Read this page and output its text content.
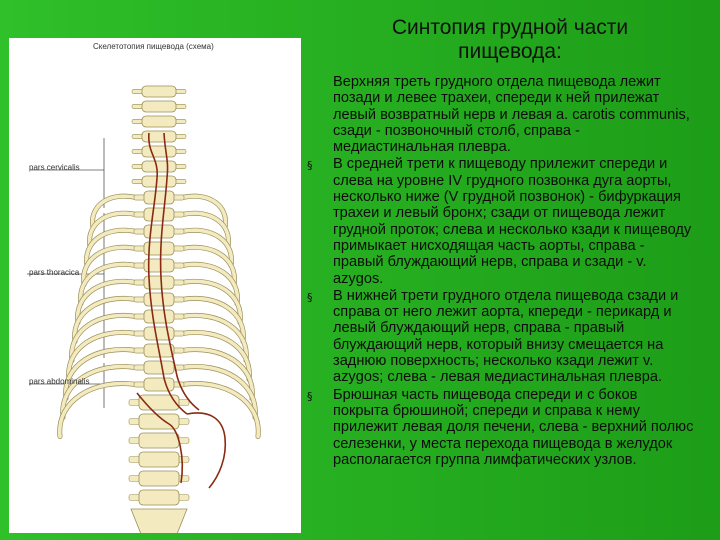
Синтопия грудной части пищевода:
Скелетотопия пищевода (схема)
pars cervicalis
pars thoracica
pars abdominalis
Верхняя треть грудного отдела пищевода лежит позади и левее трахеи, спереди к ней прилежат левый возвратный нерв и левая a. carotis communis, сзади - позвоночный столб, справа - медиастинальная плевра.
§	В средней трети к пищеводу прилежит спереди и слева на уровне IV грудного позвонка дуга аорты, несколько ниже (V грудной позвонок) - бифуркация трахеи и левый бронх; сзади от пищевода лежит грудной проток; слева и несколько кзади к пищеводу примыкает нисходящая часть аорты, справа - правый блуждающий нерв, справа и сзади - v. azygos.
§	В нижней трети грудного отдела пищевода сзади и справа от него лежит аорта, кпереди - перикард и левый блуждающий нерв, справа - правый блуждающий нерв, который внизу смещается на заднюю поверхность; несколько кзади лежит v. azygos; слева - левая медиастинальная плевра.
§	Брюшная часть пищевода спереди и с боков покрыта брюшиной; спереди и справа к нему прилежит левая доля печени, слева - верхний полюс селезенки, у места перехода пищевода в желудок располагается группа лимфатических узлов.
